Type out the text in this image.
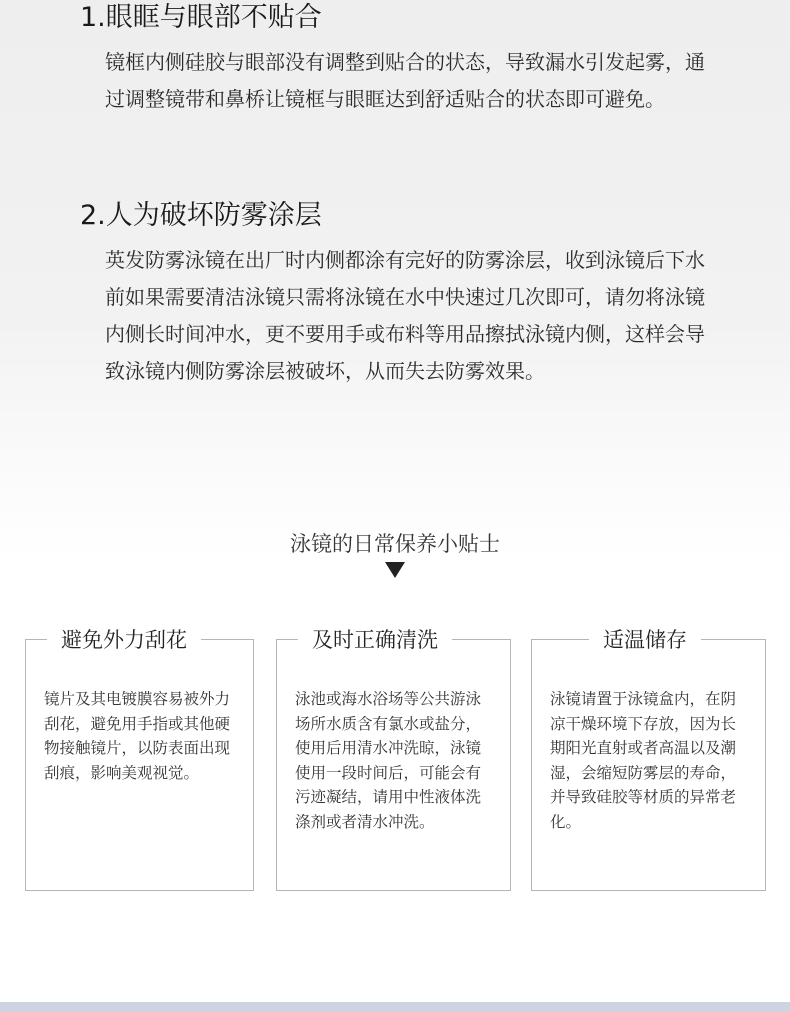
1.眼眶与眼部不贴合
镜框内侧硅胶与眼部没有调整到贴合的状态，导致漏水引发起雾，通过调整镜带和鼻桥让镜框与眼眶达到舒适贴合的状态即可避免。
2.人为破坏防雾涂层
英发防雾泳镜在出厂时内侧都涂有完好的防雾涂层，收到泳镜后下水前如果需要清洁泳镜只需将泳镜在水中快速过几次即可，请勿将泳镜内侧长时间冲水，更不要用手或布料等用品擦拭泳镜内侧，这样会导致泳镜内侧防雾涂层被破坏，从而失去防雾效果。
泳镜的日常保养小贴士
避免外力刮花
镜片及其电镀膜容易被外力刮花，避免用手指或其他硬物接触镜片，以防表面出现刮痕，影响美观视觉。
及时正确清洗
泳池或海水浴场等公共游泳场所水质含有氯水或盐分，使用后用清水冲洗晾，泳镜使用一段时间后，可能会有污迹凝结，请用中性液体洗涤剂或者清水冲洗。
适温储存
泳镜请置于泳镜盒内，在阴凉干燥环境下存放，因为长期阳光直射或者高温以及潮湿，会缩短防雾层的寿命，并导致硅胶等材质的异常老化。
